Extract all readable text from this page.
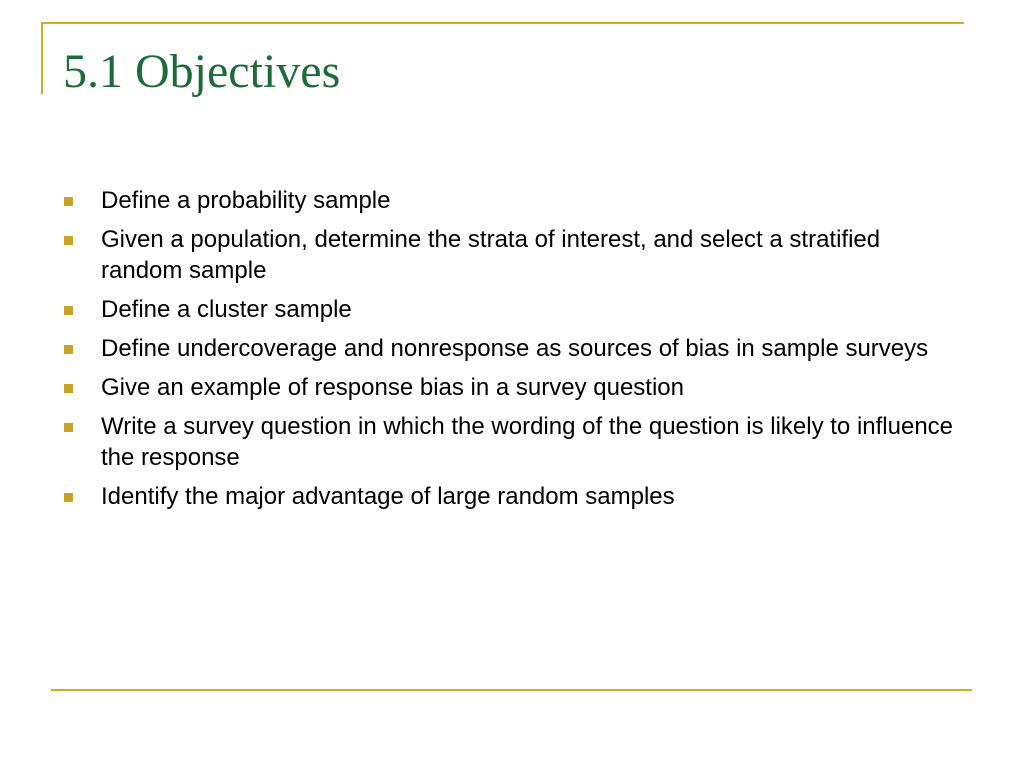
5.1 Objectives
Define a probability sample
Given a population, determine the strata of interest, and select a stratified random sample
Define a cluster sample
Define undercoverage and nonresponse as sources of bias in sample surveys
Give an example of response bias in a survey question
Write a survey question in which the wording of the question is likely to influence the response
Identify the major advantage of large random samples
